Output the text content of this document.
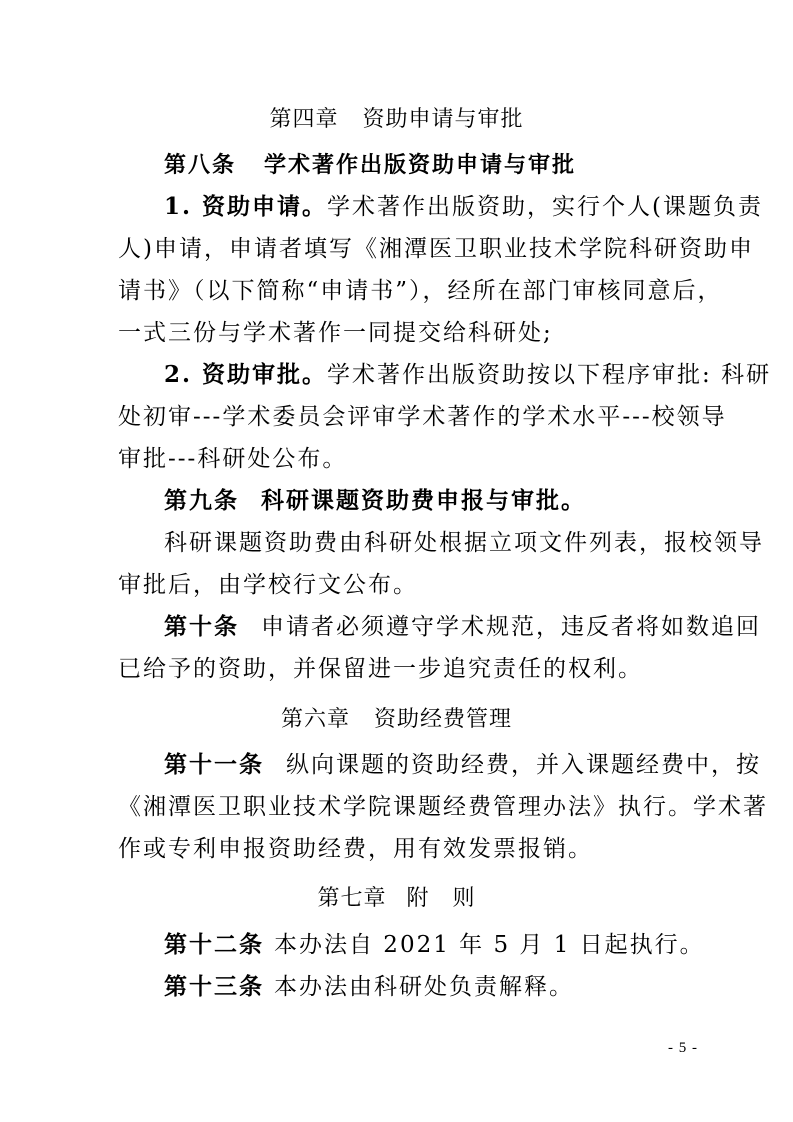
第四章 资助申请与审批
第八条 学术著作出版资助申请与审批
1. 资助申请。学术著作出版资助，实行个人(课题负责
人)申请，申请者填写《湘潭医卫职业技术学院科研资助申
请书》（以下简称“申请书”），经所在部门审核同意后，
一式三份与学术著作一同提交给科研处;
2. 资助审批。学术著作出版资助按以下程序审批: 科研
处初审---学术委员会评审学术著作的学术水平---校领导
审批---科研处公布。
第九条 科研课题资助费申报与审批。
科研课题资助费由科研处根据立项文件列表，报校领导
审批后，由学校行文公布。
第十条 申请者必须遵守学术规范，违反者将如数追回
已给予的资助，并保留进一步追究责任的权利。
第六章 资助经费管理
第十一条 纵向课题的资助经费，并入课题经费中，按
《湘潭医卫职业技术学院课题经费管理办法》执行。学术著
作或专利申报资助经费，用有效发票报销。
第七章 附　则
第十二条 本办法自 2021 年 5 月 1 日起执行。
第十三条 本办法由科研处负责解释。
- 5 -
